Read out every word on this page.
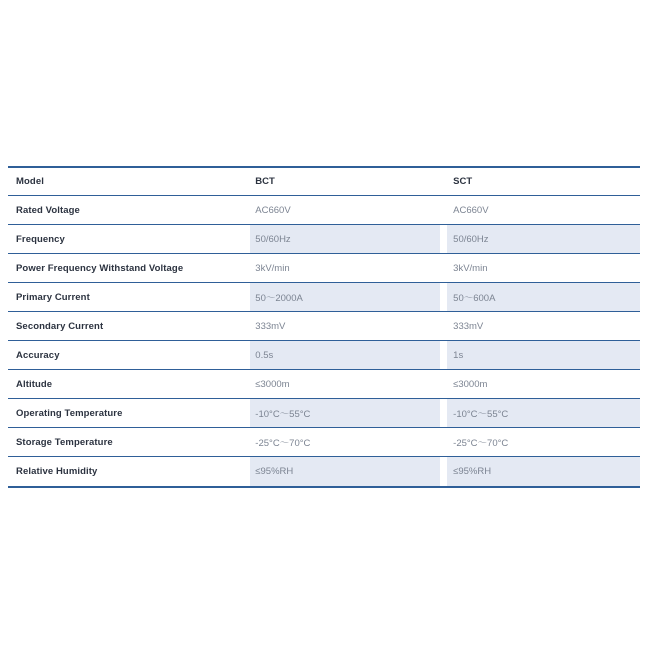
Model	BCT	SCT
Rated Voltage	AC660V	AC660V
Frequency	50/60Hz	50/60Hz
Power Frequency Withstand Voltage	3kV/min	3kV/min
Primary Current	50～2000A	50～600A
Secondary Current	333mV	333mV
Accuracy	0.5s	1s
Altitude	≤3000m	≤3000m
Operating Temperature	-10°C～55°C	-10°C～55°C
Storage Temperature	-25°C～70°C	-25°C～70°C
Relative Humidity	≤95%RH	≤95%RH
